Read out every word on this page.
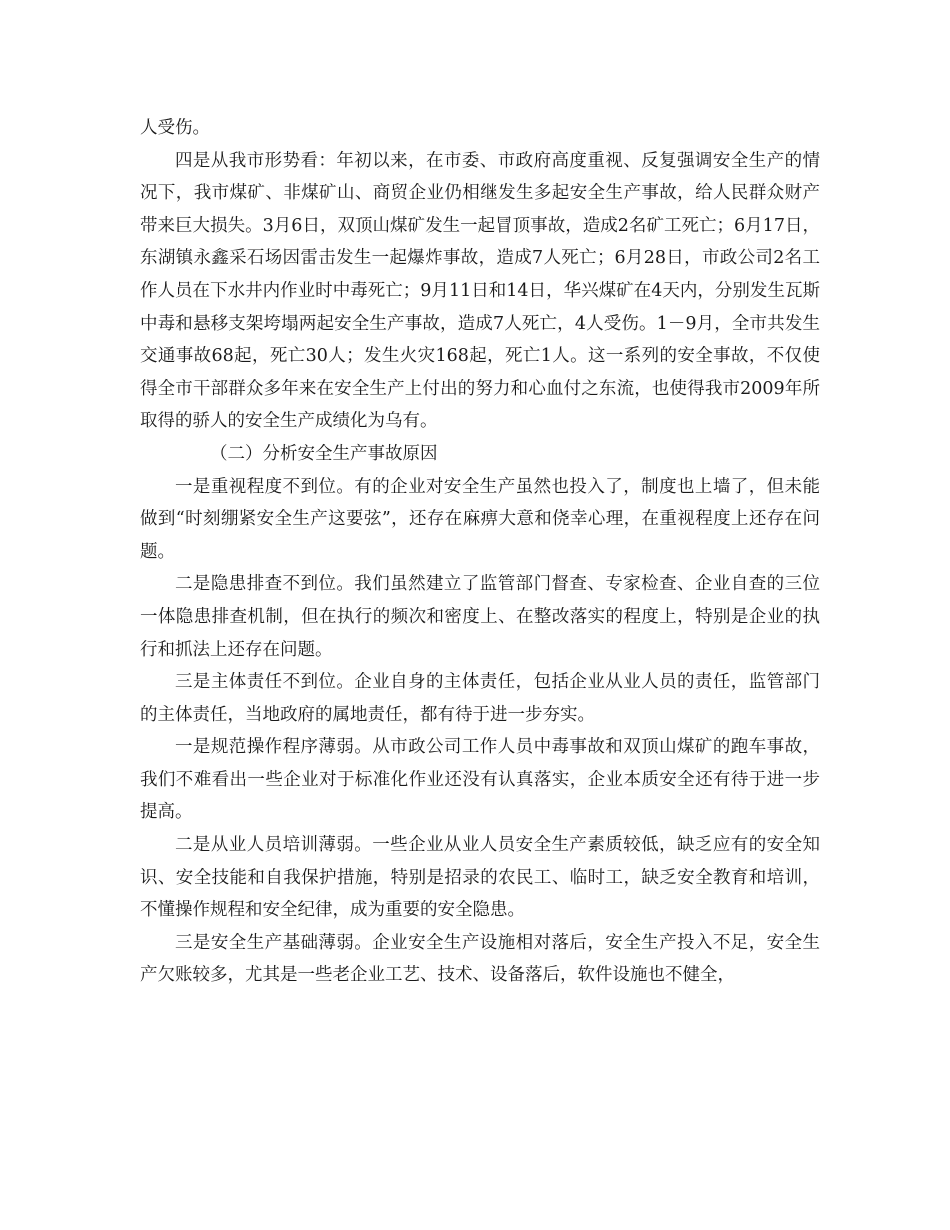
人受伤。

四是从我市形势看：年初以来，在市委、市政府高度重视、反复强调安全生产的情况下，我市煤矿、非煤矿山、商贸企业仍相继发生多起安全生产事故，给人民群众财产带来巨大损失。3月6日，双顶山煤矿发生一起冒顶事故，造成2名矿工死亡；6月17日，东湖镇永鑫采石场因雷击发生一起爆炸事故，造成7人死亡；6月28日，市政公司2名工作人员在下水井内作业时中毒死亡；9月11日和14日，华兴煤矿在4天内，分别发生瓦斯中毒和悬移支架垮塌两起安全生产事故，造成7人死亡，4人受伤。1－9月，全市共发生交通事故68起，死亡30人；发生火灾168起，死亡1人。这一系列的安全事故，不仅使得全市干部群众多年来在安全生产上付出的努力和心血付之东流，也使得我市2009年所取得的骄人的安全生产成绩化为乌有。

（二）分析安全生产事故原因

一是重视程度不到位。有的企业对安全生产虽然也投入了，制度也上墙了，但未能做到“时刻绷紧安全生产这要弦”，还存在麻痹大意和侥幸心理，在重视程度上还存在问题。

二是隐患排查不到位。我们虽然建立了监管部门督查、专家检查、企业自查的三位一体隐患排查机制，但在执行的频次和密度上、在整改落实的程度上，特别是企业的执行和抓法上还存在问题。

三是主体责任不到位。企业自身的主体责任，包括企业从业人员的责任，监管部门的主体责任，当地政府的属地责任，都有待于进一步夯实。

一是规范操作程序薄弱。从市政公司工作人员中毒事故和双顶山煤矿的跑车事故，我们不难看出一些企业对于标准化作业还没有认真落实，企业本质安全还有待于进一步提高。

二是从业人员培训薄弱。一些企业从业人员安全生产素质较低，缺乏应有的安全知识、安全技能和自我保护措施，特别是招录的农民工、临时工，缺乏安全教育和培训，不懂操作规程和安全纪律，成为重要的安全隐患。

三是安全生产基础薄弱。企业安全生产设施相对落后，安全生产投入不足，安全生产欠账较多，尤其是一些老企业工艺、技术、设备落后，软件设施也不健全，
